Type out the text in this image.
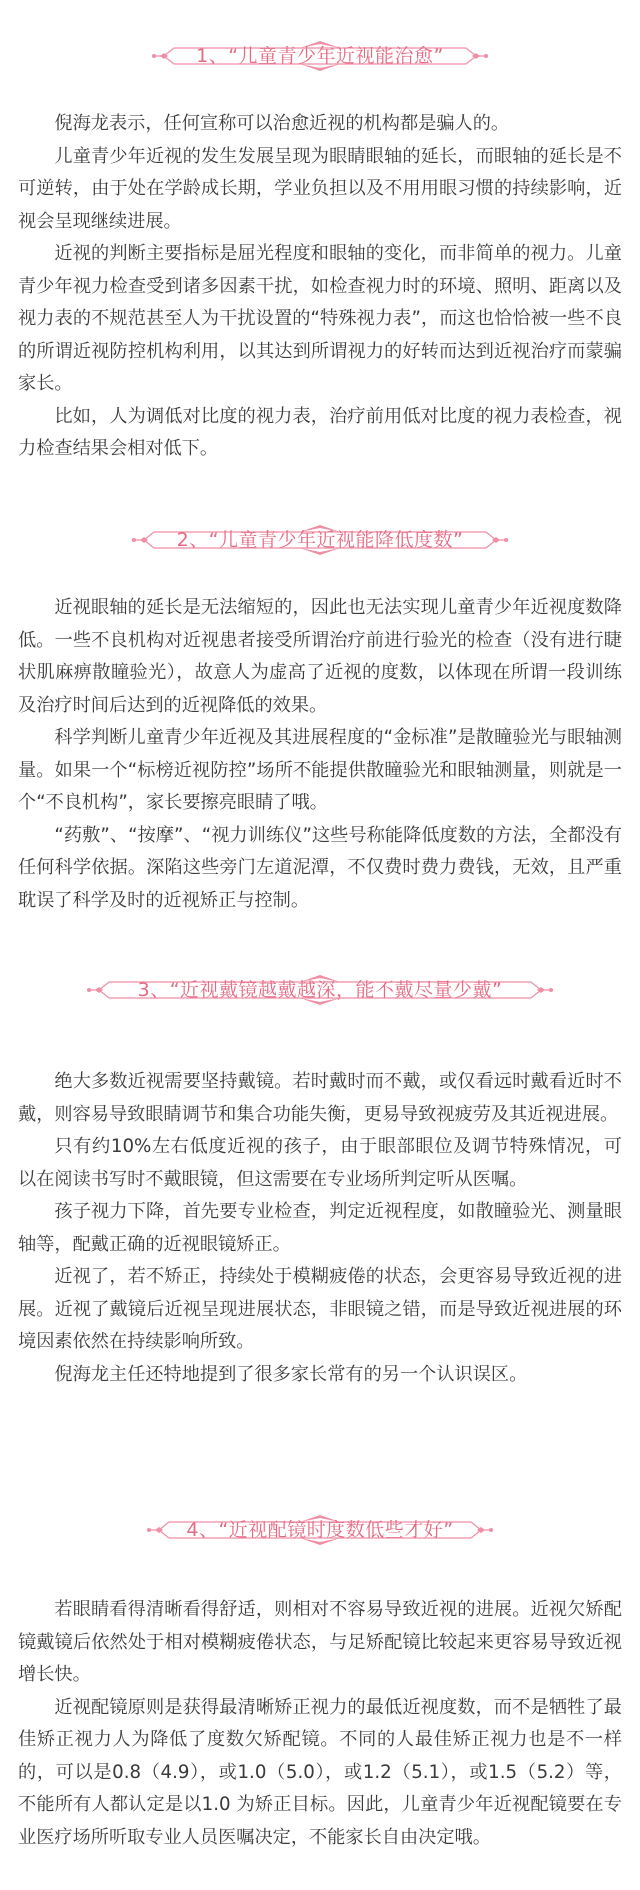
1、“儿童青少年近视能治愈”

倪海龙表示，任何宣称可以治愈近视的机构都是骗人的。

儿童青少年近视的发生发展呈现为眼睛眼轴的延长，而眼轴的延长是不可逆转，由于处在学龄成长期，学业负担以及不用用眼习惯的持续影响，近视会呈现继续进展。

近视的判断主要指标是屈光程度和眼轴的变化，而非简单的视力。儿童青少年视力检查受到诸多因素干扰，如检查视力时的环境、照明、距离以及视力表的不规范甚至人为干扰设置的“特殊视力表”，而这也恰恰被一些不良的所谓近视防控机构利用，以其达到所谓视力的好转而达到近视治疗而蒙骗家长。

比如，人为调低对比度的视力表，治疗前用低对比度的视力表检查，视力检查结果会相对低下。

2、“儿童青少年近视能降低度数”

近视眼轴的延长是无法缩短的，因此也无法实现儿童青少年近视度数降低。一些不良机构对近视患者接受所谓治疗前进行验光的检查（没有进行睫状肌麻痹散瞳验光），故意人为虚高了近视的度数，以体现在所谓一段训练及治疗时间后达到的近视降低的效果。

科学判断儿童青少年近视及其进展程度的“金标准”是散瞳验光与眼轴测量。如果一个“标榜近视防控”场所不能提供散瞳验光和眼轴测量，则就是一个“不良机构”，家长要擦亮眼睛了哦。

“药敷”、“按摩”、“视力训练仪”这些号称能降低度数的方法，全都没有任何科学依据。深陷这些旁门左道泥潭，不仅费时费力费钱，无效，且严重耽误了科学及时的近视矫正与控制。

3、“近视戴镜越戴越深，能不戴尽量少戴”

绝大多数近视需要坚持戴镜。若时戴时而不戴，或仅看远时戴看近时不戴，则容易导致眼睛调节和集合功能失衡，更易导致视疲劳及其近视进展。

只有约10%左右低度近视的孩子，由于眼部眼位及调节特殊情况，可以在阅读书写时不戴眼镜，但这需要在专业场所判定听从医嘱。

孩子视力下降，首先要专业检查，判定近视程度，如散瞳验光、测量眼轴等，配戴正确的近视眼镜矫正。

近视了，若不矫正，持续处于模糊疲倦的状态，会更容易导致近视的进展。近视了戴镜后近视呈现进展状态，非眼镜之错，而是导致近视进展的环境因素依然在持续影响所致。

倪海龙主任还特地提到了很多家长常有的另一个认识误区。

4、“近视配镜时度数低些才好”

若眼睛看得清晰看得舒适，则相对不容易导致近视的进展。近视欠矫配镜戴镜后依然处于相对模糊疲倦状态，与足矫配镜比较起来更容易导致近视增长快。

近视配镜原则是获得最清晰矫正视力的最低近视度数，而不是牺牲了最佳矫正视力人为降低了度数欠矫配镜。不同的人最佳矫正视力也是不一样的，可以是0.8（4.9），或1.0（5.0），或1.2（5.1），或1.5（5.2）等，不能所有人都认定是以1.0 为矫正目标。因此，儿童青少年近视配镜要在专业医疗场所听取专业人员医嘱决定，不能家长自由决定哦。
